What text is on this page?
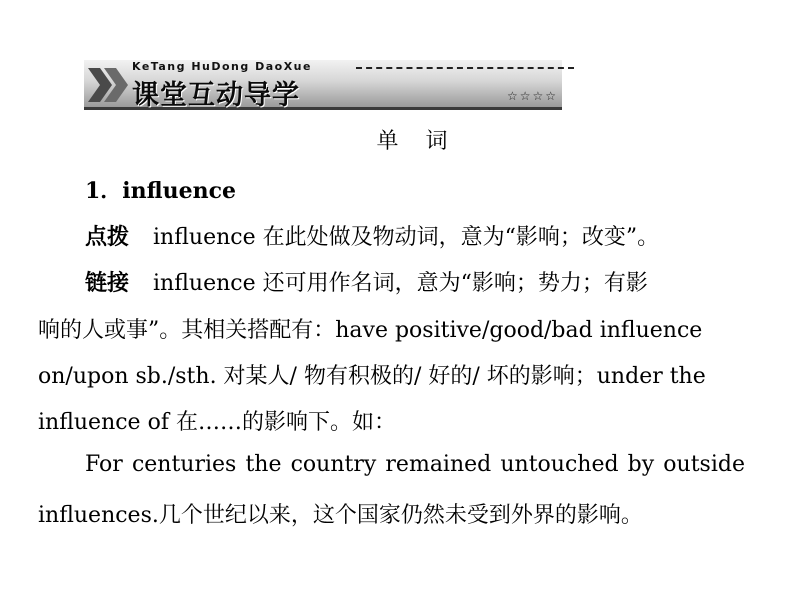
KeTang HuDong DaoXue
课堂互动导学	☆☆☆☆
单 词
1．influence
点拨 influence 在此处做及物动词，意为“影响；改变”。
链接 influence 还可用作名词，意为“影响；势力；有影
响的人或事”。其相关搭配有：have positive/good/bad influence
on/upon sb./sth. 对某人/ 物有积极的/ 好的/ 坏的影响；under the
influence of 在……的影响下。如：
For centuries the country remained untouched by outside
influences.几个世纪以来，这个国家仍然未受到外界的影响。
